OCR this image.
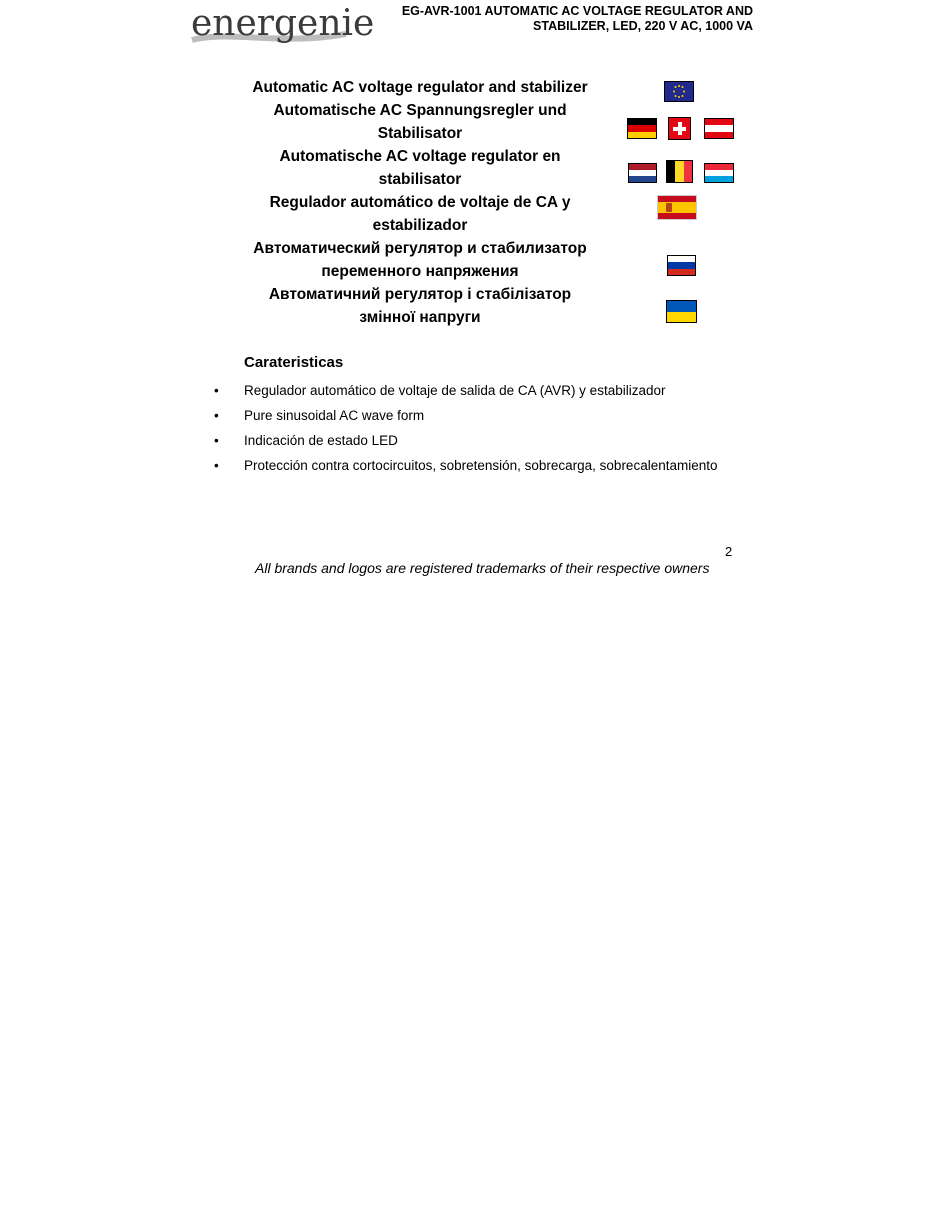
energenie	EG-AVR-1001 AUTOMATIC AC VOLTAGE REGULATOR AND
STABILIZER, LED, 220 V AC, 1000 VA
Automatic AC voltage regulator and stabilizer
Automatische AC Spannungsregler und
Stabilisator
Automatische AC voltage regulator en
stabilisator
Regulador automático de voltaje de CA y
estabilizador
Автоматический регулятор и стабилизатор
переменного напряжения
Автоматичний регулятор і стабілізатор
змінної напруги
Carateristicas
•	Regulador automático de voltaje de salida de CA (AVR) y estabilizador
•	Pure sinusoidal AC wave form
•	Indicación de estado LED
•	Protección contra cortocircuitos, sobretensión, sobrecarga, sobrecalentamiento
2
All brands and logos are registered trademarks of their respective owners
